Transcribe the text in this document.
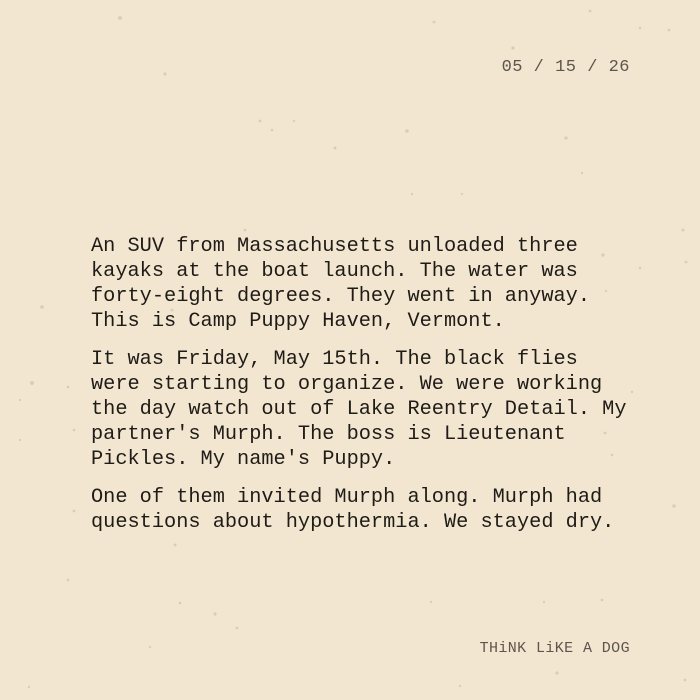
05 / 15 / 26

An SUV from Massachusetts unloaded three kayaks at the boat launch. The water was forty-eight degrees. They went in anyway. This is Camp Puppy Haven, Vermont.

It was Friday, May 15th. The black flies were starting to organize. We were working the day watch out of Lake Reentry Detail. My partner's Murph. The boss is Lieutenant Pickles. My name's Puppy.

One of them invited Murph along. Murph had questions about hypothermia. We stayed dry.

THiNK LiKE A DOG
